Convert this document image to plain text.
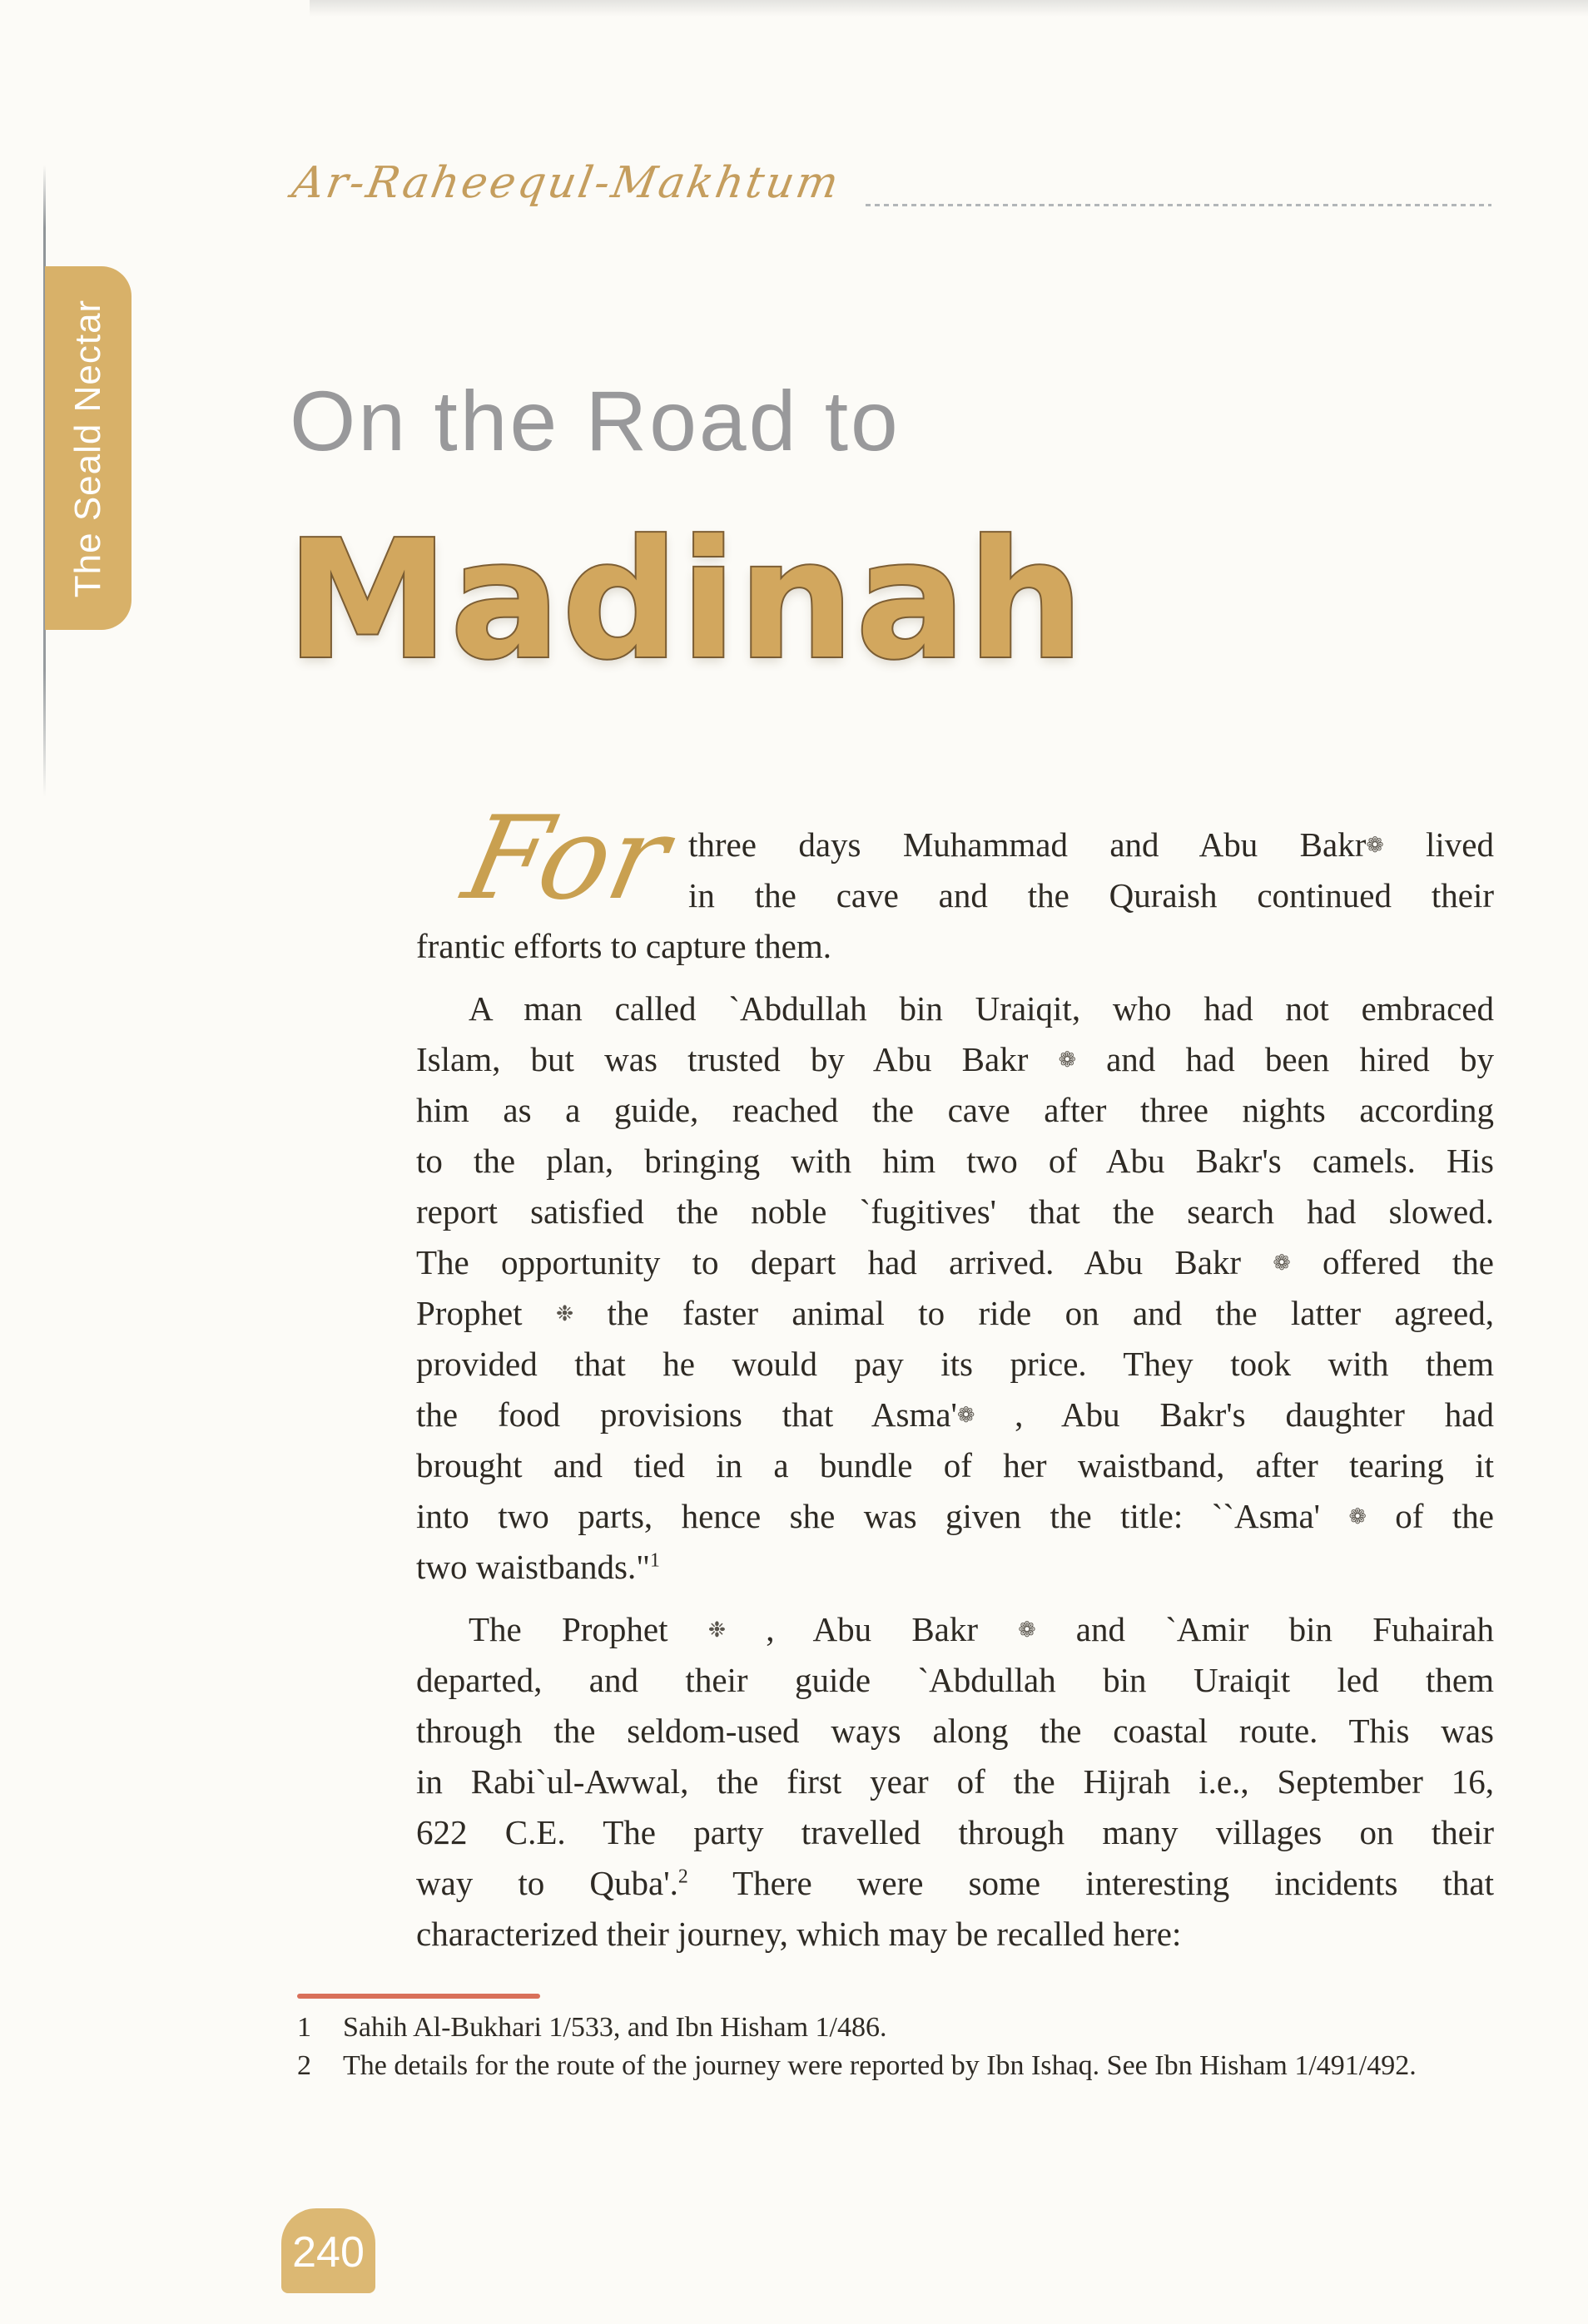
The Seald Nectar
Ar-Raheequl-Makhtum
On the Road to
Madinah
For three days Muhammad and Abu Bakr❁ lived
in the cave and the Quraish continued their
frantic efforts to capture them.
A man called `Abdullah bin Uraiqit, who had not embraced
Islam, but was trusted by Abu Bakr ❁ and had been hired by
him as a guide, reached the cave after three nights according
to the plan, bringing with him two of Abu Bakr's camels. His
report satisfied the noble `fugitives' that the search had slowed.
The opportunity to depart had arrived. Abu Bakr ❁ offered the
Prophet ❉ the faster animal to ride on and the latter agreed,
provided that he would pay its price. They took with them
the food provisions that Asma'❁ , Abu Bakr's daughter had
brought and tied in a bundle of her waistband, after tearing it
into two parts, hence she was given the title: ``Asma' ❁ of the
two waistbands."$^1$
The Prophet ❉ , Abu Bakr ❁ and `Amir bin Fuhairah
departed, and their guide `Abdullah bin Uraiqit led them
through the seldom-used ways along the coastal route. This was
in Rabi`ul-Awwal, the first year of the Hijrah i.e., September 16,
622 C.E. The party travelled through many villages on their
way to Quba'.$^2$ There were some interesting incidents that
characterized their journey, which may be recalled here:
1	Sahih Al-Bukhari 1/533, and Ibn Hisham 1/486.
2	The details for the route of the journey were reported by Ibn Ishaq. See Ibn Hisham 1/491/492.
240
